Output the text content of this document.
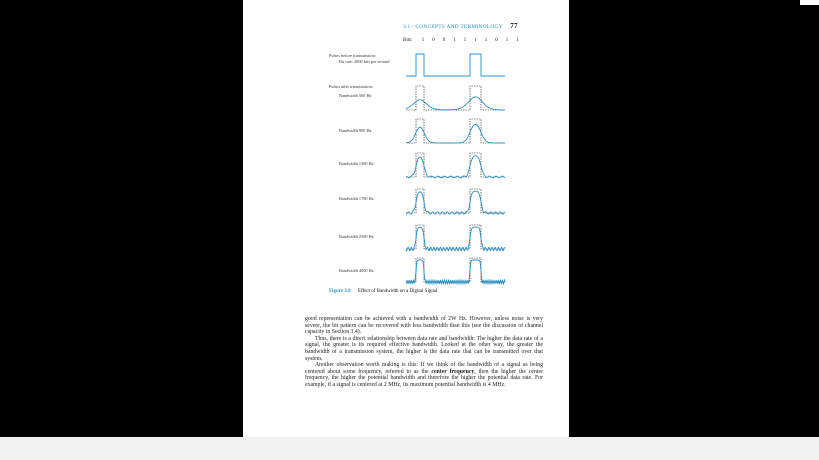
3.1 / CONCEPTS AND TERMINOLOGY 77
Bits: 1 0 0 1 1 1 1 0 1 1
Pulses before transmission:
Bit rate: 2000 bits per second
Pulses after transmission:
Bandwidth 500 Hz
Bandwidth 900 Hz
Bandwidth 1300 Hz
Bandwidth 1700 Hz
Bandwidth 2500 Hz
Bandwidth 4000 Hz
Figure 3.8 Effect of Bandwidth on a Digital Signal

good representation can be achieved with a bandwidth of 2W Hz. However, unless noise is very severe, the bit pattern can be recovered with less bandwidth than this (see the discussion of channel capacity in Section 3.4).

Thus, there is a direct relationship between data rate and bandwidth: The higher the data rate of a signal, the greater is its required effective bandwidth. Looked at the other way, the greater the bandwidth of a transmission system, the higher is the data rate that can be transmitted over that system.

Another observation worth making is this: If we think of the bandwidth of a signal as being centered about some frequency, referred to as the center frequency, then the higher the center frequency, the higher the potential bandwidth and therefore the higher the potential data rate. For example, if a signal is centered at 2 MHz, its maximum potential bandwidth is 4 MHz.
